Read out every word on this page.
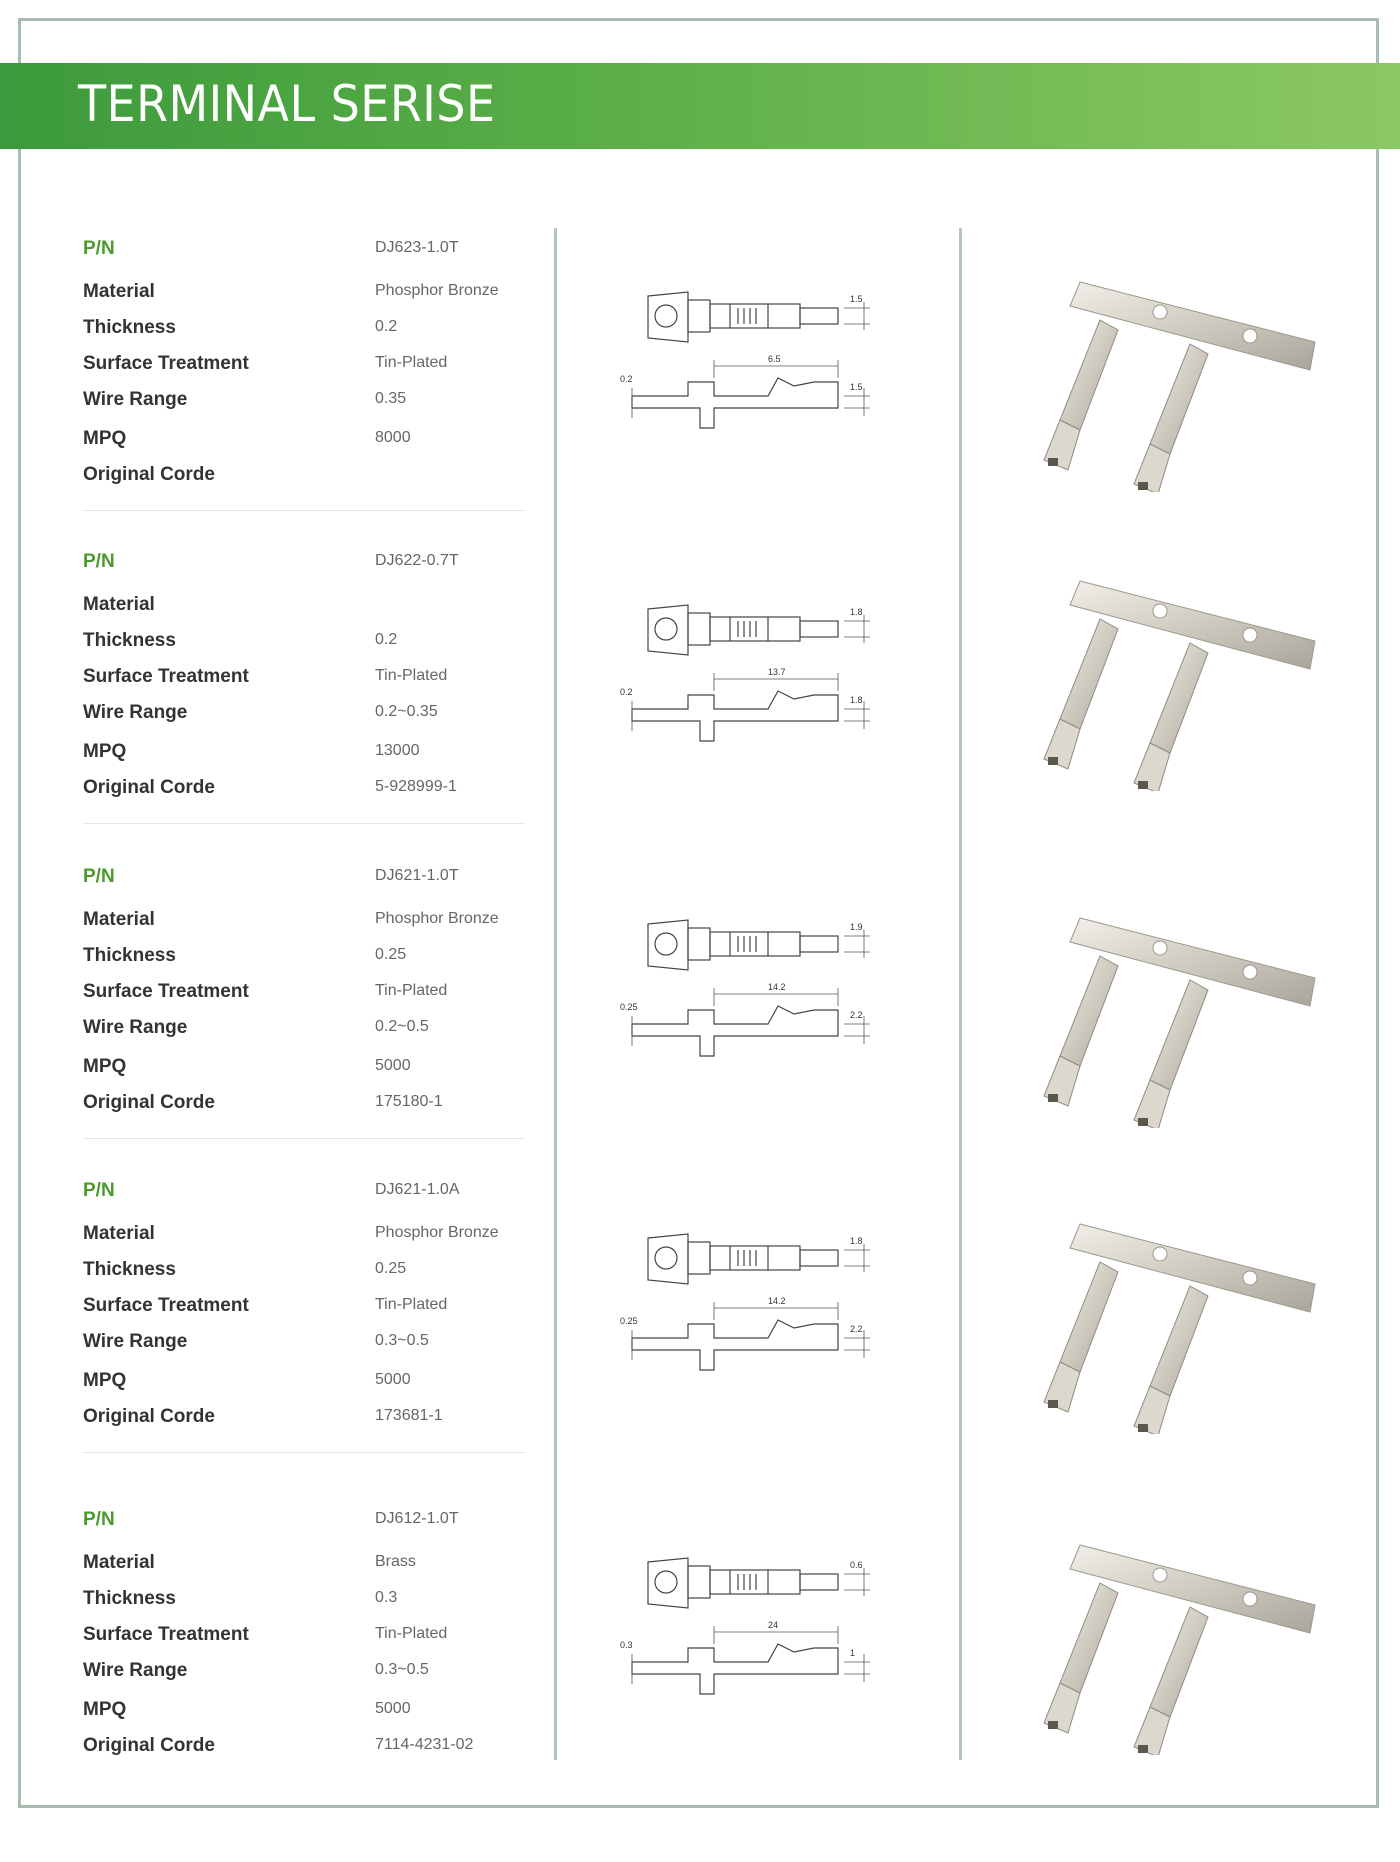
TERMINAL SERISE
P/N	DJ623-1.0T
Material	Phosphor Bronze
Thickness	0.2
Surface Treatment	Tin-Plated
Wire Range	0.35
MPQ	8000
Original Corde
1.5
6.5
0.2
1.5
P/N	DJ622-0.7T
Material
Thickness	0.2
Surface Treatment	Tin-Plated
Wire Range	0.2~0.35
MPQ	13000
Original Corde	5-928999-1
1.8
13.7
0.2
1.8
P/N	DJ621-1.0T
Material	Phosphor Bronze
Thickness	0.25
Surface Treatment	Tin-Plated
Wire Range	0.2~0.5
MPQ	5000
Original Corde	175180-1
1.9
14.2
0.25
2.2
P/N	DJ621-1.0A
Material	Phosphor Bronze
Thickness	0.25
Surface Treatment	Tin-Plated
Wire Range	0.3~0.5
MPQ	5000
Original Corde	173681-1
1.8
14.2
0.25
2.2
P/N	DJ612-1.0T
Material	Brass
Thickness	0.3
Surface Treatment	Tin-Plated
Wire Range	0.3~0.5
MPQ	5000
Original Corde	7114-4231-02
0.6
24
0.3
1
